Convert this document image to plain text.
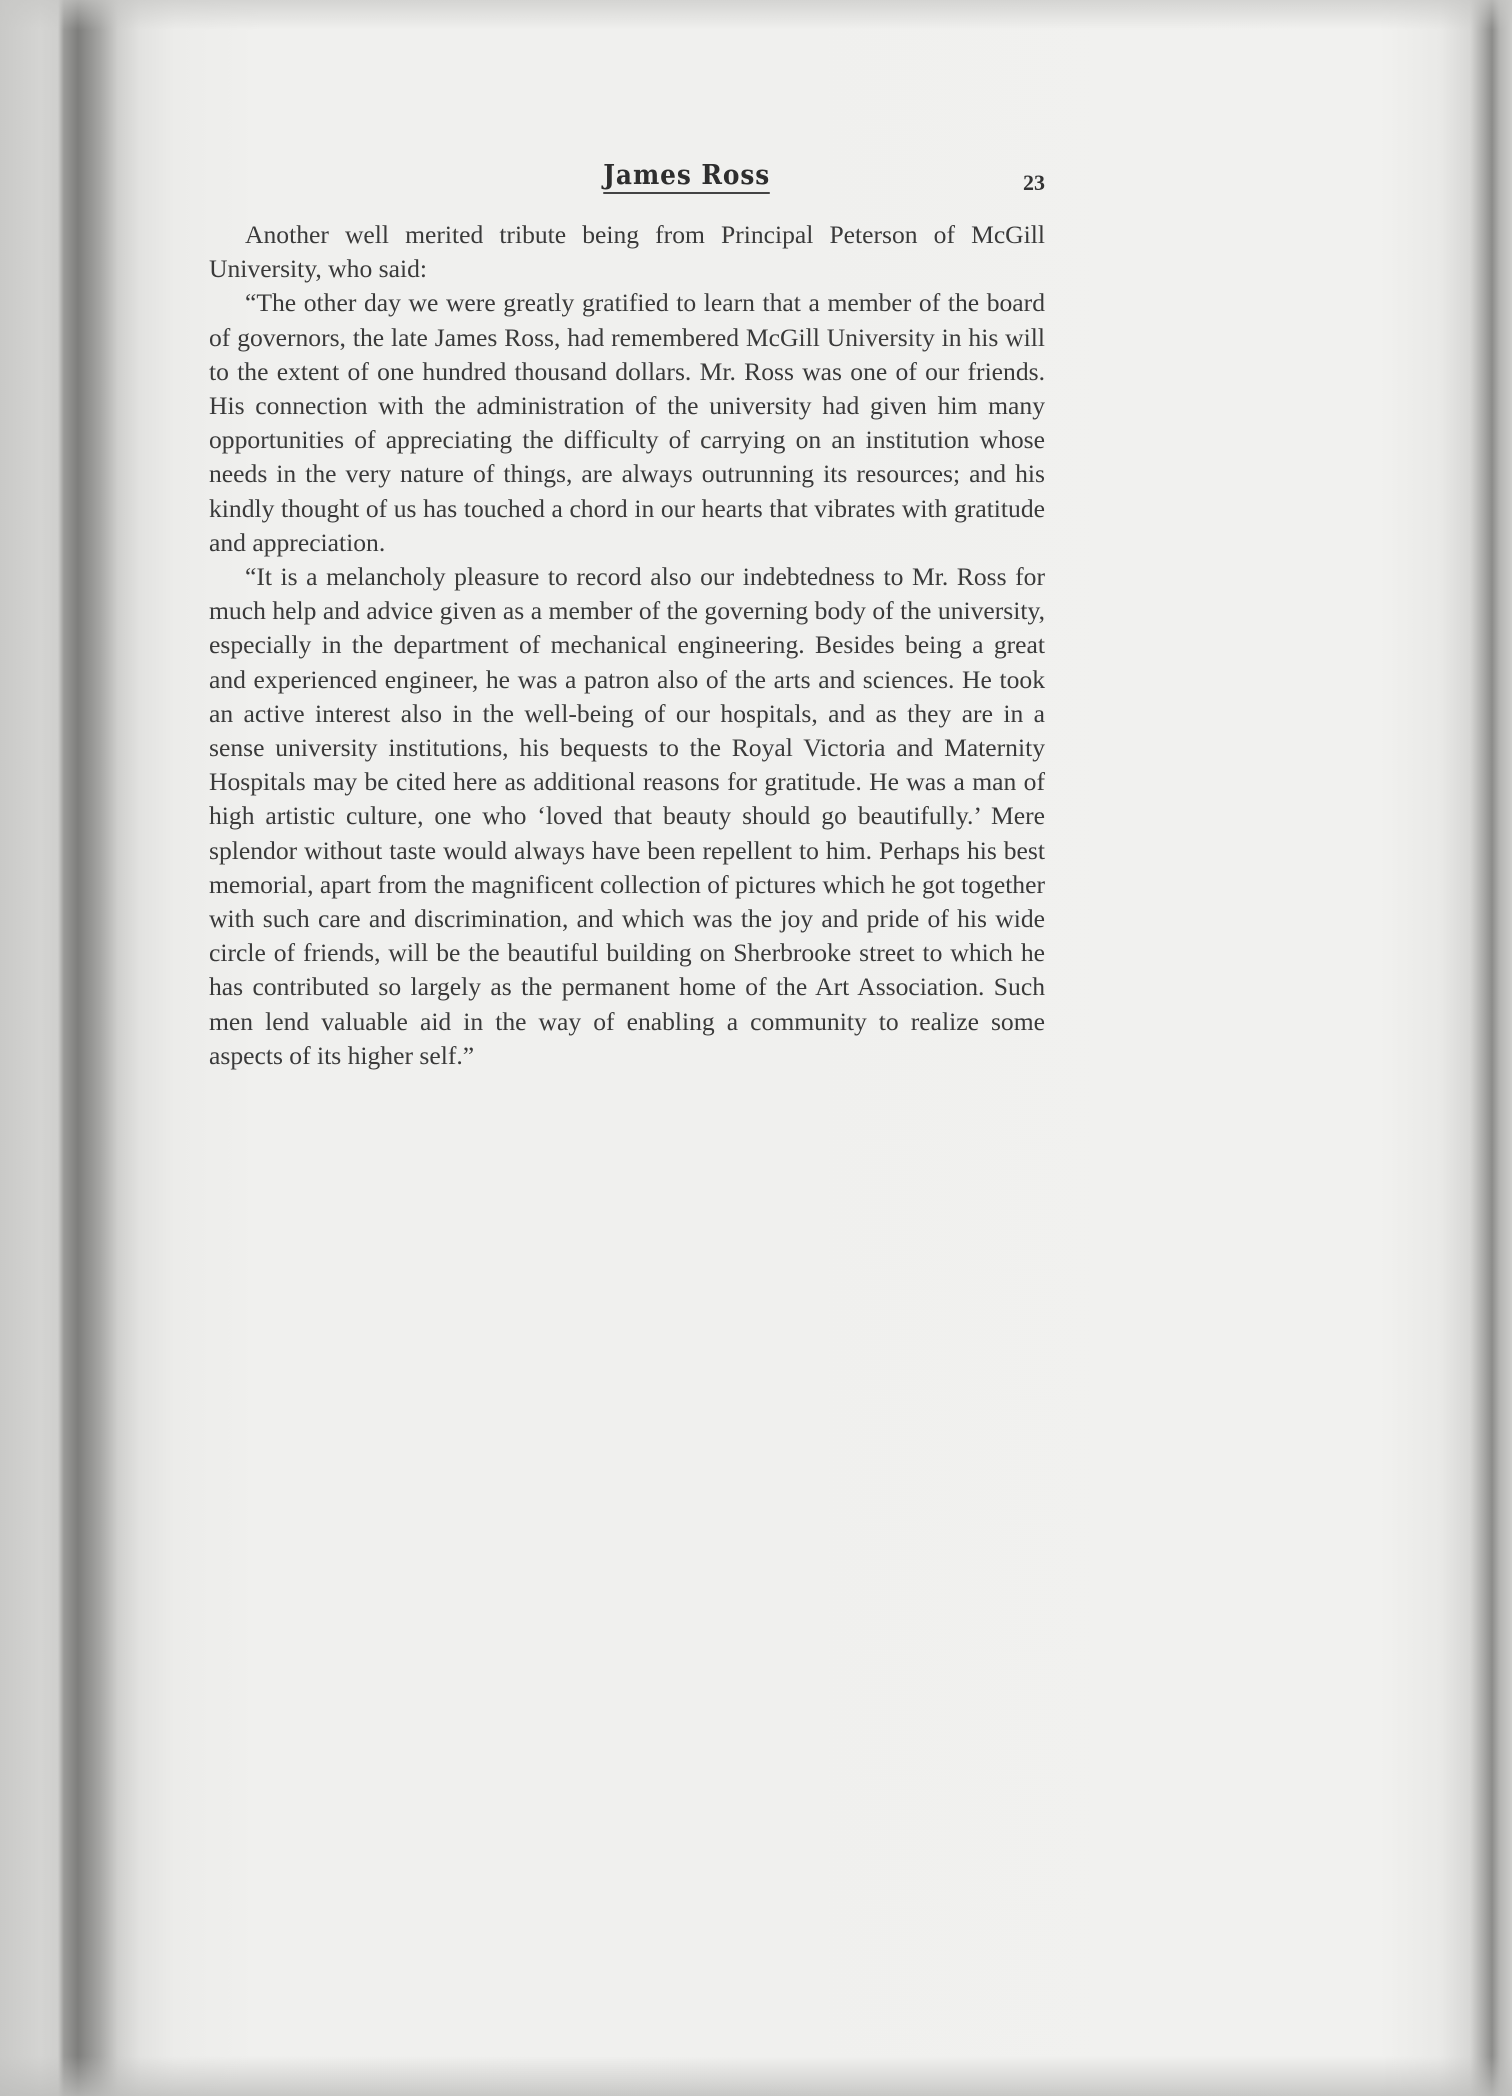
James Ross	23

Another well merited tribute being from Principal Peterson of McGill University, who said:

“The other day we were greatly gratified to learn that a member of the board of governors, the late James Ross, had remembered McGill University in his will to the extent of one hundred thousand dollars. Mr. Ross was one of our friends. His connection with the administration of the university had given him many opportunities of appreciating the difficulty of carrying on an institution whose needs in the very nature of things, are always outrunning its resources; and his kindly thought of us has touched a chord in our hearts that vibrates with gratitude and appreciation.

“It is a melancholy pleasure to record also our indebtedness to Mr. Ross for much help and advice given as a member of the governing body of the university, especially in the department of mechanical engineering. Besides being a great and experienced engineer, he was a patron also of the arts and sciences. He took an active interest also in the well-being of our hospitals, and as they are in a sense university institutions, his bequests to the Royal Victoria and Maternity Hospitals may be cited here as additional reasons for gratitude. He was a man of high artistic culture, one who ‘loved that beauty should go beautifully.’ Mere splendor without taste would always have been repellent to him. Perhaps his best memorial, apart from the magnificent collection of pictures which he got together with such care and discrimination, and which was the joy and pride of his wide circle of friends, will be the beautiful building on Sherbrooke street to which he has contributed so largely as the permanent home of the Art Association. Such men lend valuable aid in the way of enabling a community to realize some aspects of its higher self.”
